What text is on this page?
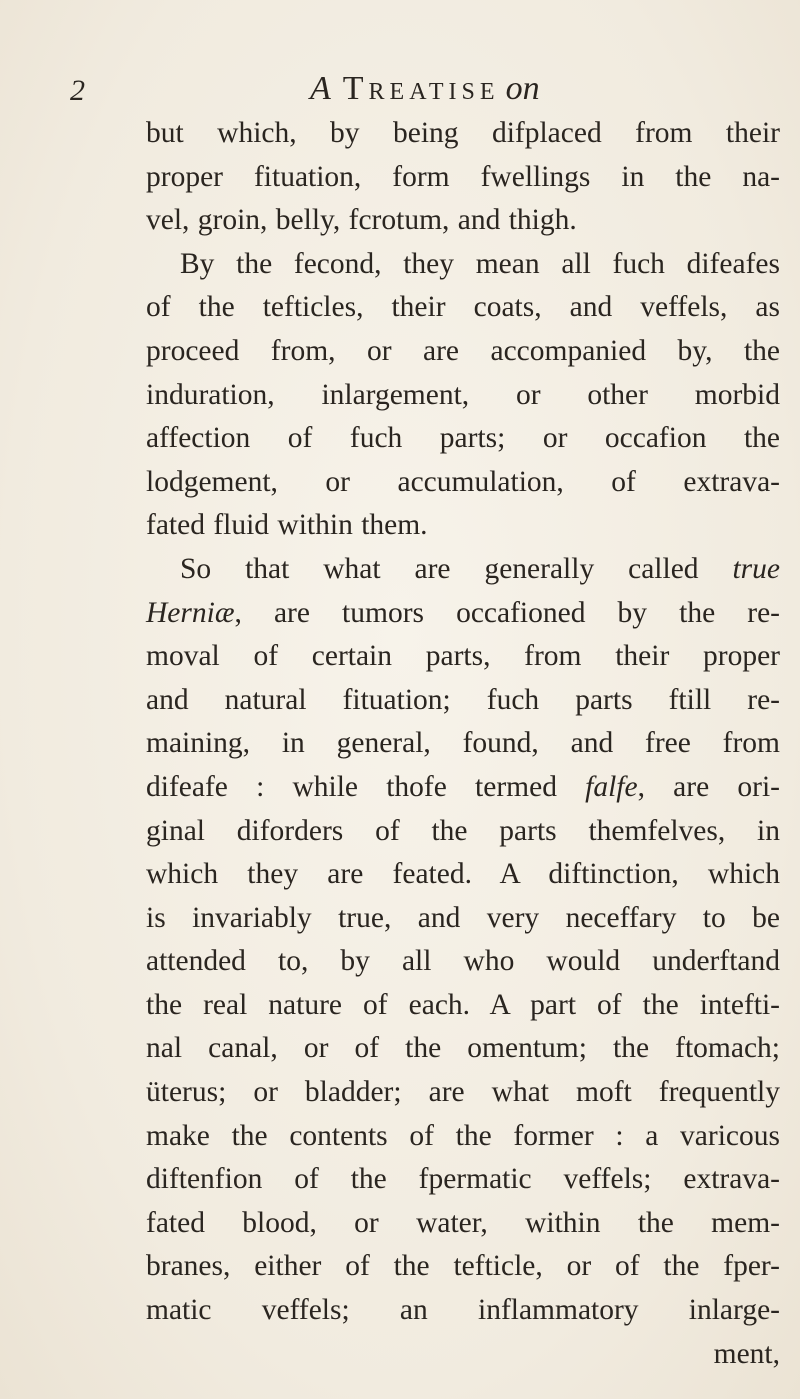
2	A Treatise on
but which, by being difplaced from their
proper fituation, form fwellings in the na-
vel, groin, belly, fcrotum, and thigh.
By the fecond, they mean all fuch difeafes
of the tefticles, their coats, and veffels, as
proceed from, or are accompanied by, the
induration, inlargement, or other morbid
affection of fuch parts; or occafion the
lodgement, or accumulation, of extrava-
fated fluid within them.
So that what are generally called true
Herniæ, are tumors occafioned by the re-
moval of certain parts, from their proper
and natural fituation; fuch parts ftill re-
maining, in general, found, and free from
difeafe : while thofe termed falfe, are ori-
ginal diforders of the parts themfelves, in
which they are feated. A diftinction, which
is invariably true, and very neceffary to be
attended to, by all who would underftand
the real nature of each. A part of the intefti-
nal canal, or of the omentum; the ftomach;
üterus; or bladder; are what moft frequently
make the contents of the former : a varicous
diftenfion of the fpermatic veffels; extrava-
fated blood, or water, within the mem-
branes, either of the tefticle, or of the fper-
matic veffels; an inflammatory inlarge-
ment,
